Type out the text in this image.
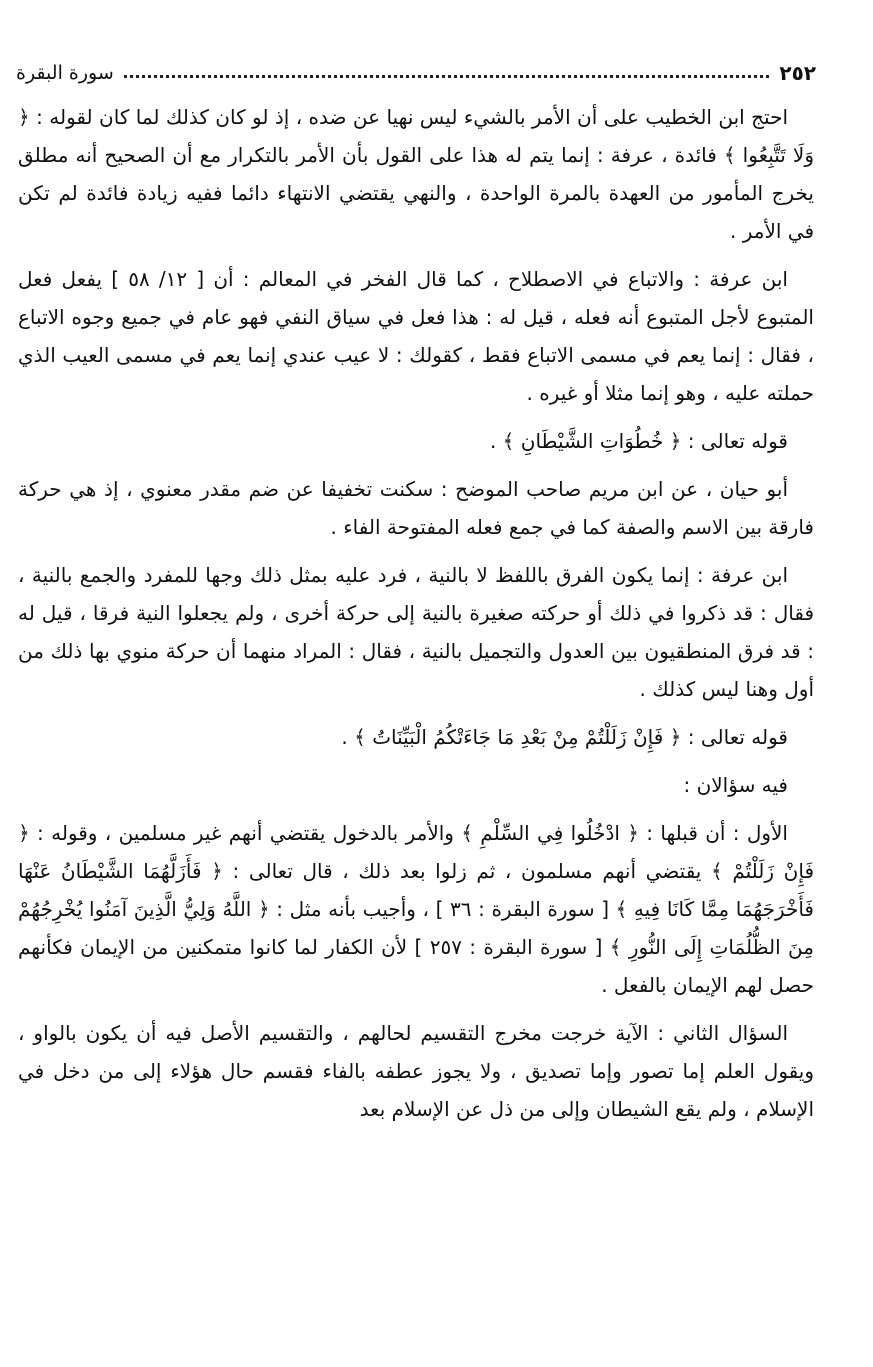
٢٥٢
سورة البقرة

احتج ابن الخطيب على أن الأمر بالشيء ليس نهيا عن ضده ، إذ لو كان كذلك لما كان لقوله : ﴿ وَلَا تَتَّبِعُوا ﴾ فائدة ، عرفة : إنما يتم له هذا على القول بأن الأمر بالتكرار مع أن الصحيح أنه مطلق يخرج المأمور من العهدة بالمرة الواحدة ، والنهي يقتضي الانتهاء دائما ففيه زيادة فائدة لم تكن في الأمر .

ابن عرفة : والاتباع في الاصطلاح ، كما قال الفخر في المعالم : أن [ ١٢/ ٥٨ ] يفعل فعل المتبوع لأجل المتبوع أنه فعله ، قيل له : هذا فعل في سياق النفي فهو عام في جميع وجوه الاتباع ، فقال : إنما يعم في مسمى الاتباع فقط ، كقولك : لا عيب عندي إنما يعم في مسمى العيب الذي حملته عليه ، وهو إنما مثلا أو غيره .

قوله تعالى : ﴿ خُطُوَاتِ الشَّيْطَانِ ﴾ .

أبو حيان ، عن ابن مريم صاحب الموضح : سكنت تخفيفا عن ضم مقدر معنوي ، إذ هي حركة فارقة بين الاسم والصفة كما في جمع فعله المفتوحة الفاء .

ابن عرفة : إنما يكون الفرق باللفظ لا بالنية ، فرد عليه بمثل ذلك وجها للمفرد والجمع بالنية ، فقال : قد ذكروا في ذلك أو حركته صغيرة بالنية إلى حركة أخرى ، ولم يجعلوا النية فرقا ، قيل له : قد فرق المنطقيون بين العدول والتجميل بالنية ، فقال : المراد منهما أن حركة منوي بها ذلك من أول وهنا ليس كذلك .

قوله تعالى : ﴿ فَإِنْ زَلَلْتُمْ مِنْ بَعْدِ مَا جَاءَتْكُمُ الْبَيِّنَاتُ ﴾ .

فيه سؤالان :

الأول : أن قبلها : ﴿ ادْخُلُوا فِي السِّلْمِ ﴾ والأمر بالدخول يقتضي أنهم غير مسلمين ، وقوله : ﴿ فَإِنْ زَلَلْتُمْ ﴾ يقتضي أنهم مسلمون ، ثم زلوا بعد ذلك ، قال تعالى : ﴿ فَأَزَلَّهُمَا الشَّيْطَانُ عَنْهَا فَأَخْرَجَهُمَا مِمَّا كَانَا فِيهِ ﴾ [ سورة البقرة : ٣٦ ] ، وأجيب بأنه مثل : ﴿ اللَّهُ وَلِيُّ الَّذِينَ آمَنُوا يُخْرِجُهُمْ مِنَ الظُّلُمَاتِ إِلَى النُّورِ ﴾ [ سورة البقرة : ٢٥٧ ] لأن الكفار لما كانوا متمكنين من الإيمان فكأنهم حصل لهم الإيمان بالفعل .

السؤال الثاني : الآية خرجت مخرج التقسيم لحالهم ، والتقسيم الأصل فيه أن يكون بالواو ، ويقول العلم إما تصور وإما تصديق ، ولا يجوز عطفه بالفاء فقسم حال هؤلاء إلى من دخل في الإسلام ، ولم يقع الشيطان وإلى من ذل عن الإسلام بعد
